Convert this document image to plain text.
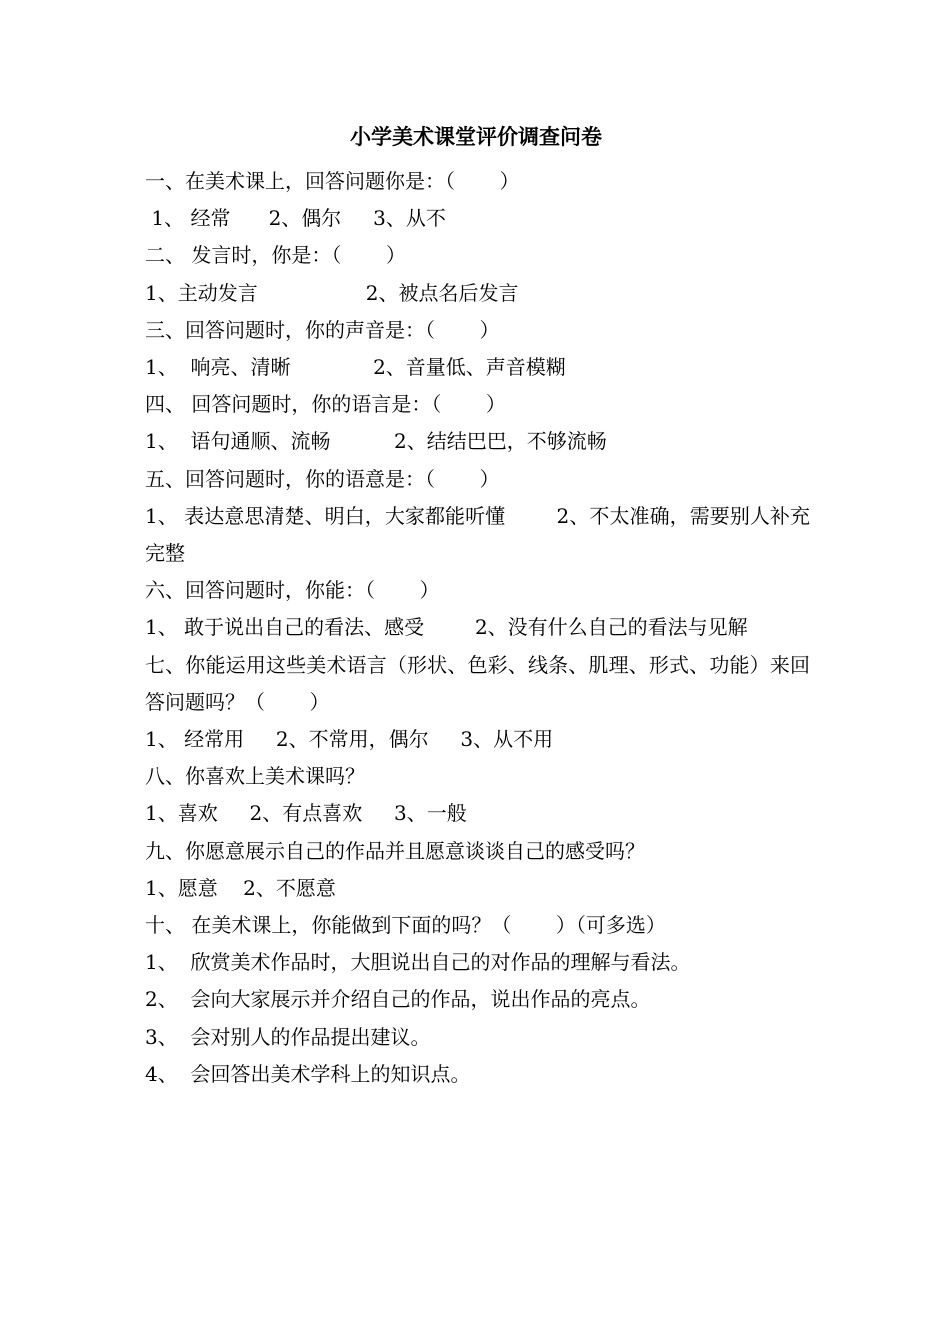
小学美术课堂评价调查问卷
一、在美术课上，回答问题你是：（       ）
1、 经常      2、偶尔     3、从不
二、 发言时，你是：（       ）
1、主动发言                 2、被点名后发言
三、回答问题时，你的声音是：（       ）
1、  响亮、清晰             2、音量低、声音模糊
四、 回答问题时，你的语言是：（       ）
1、  语句通顺、流畅          2、结结巴巴，不够流畅
五、回答问题时，你的语意是：（       ）
1、 表达意思清楚、明白，大家都能听懂        2、不太准确，需要别人补充完整
六、回答问题时，你能：（       ）
1、 敢于说出自己的看法、感受        2、没有什么自己的看法与见解
七、你能运用这些美术语言（形状、色彩、线条、肌理、形式、功能）来回答问题吗？（       ）
1、 经常用     2、不常用，偶尔     3、从不用
八、你喜欢上美术课吗？
1、喜欢     2、有点喜欢     3、一般
九、你愿意展示自己的作品并且愿意谈谈自己的感受吗？
1、愿意    2、不愿意
十、 在美术课上，你能做到下面的吗？（       ）（可多选）
1、  欣赏美术作品时，大胆说出自己的对作品的理解与看法。
2、  会向大家展示并介绍自己的作品，说出作品的亮点。
3、  会对别人的作品提出建议。
4、  会回答出美术学科上的知识点。
